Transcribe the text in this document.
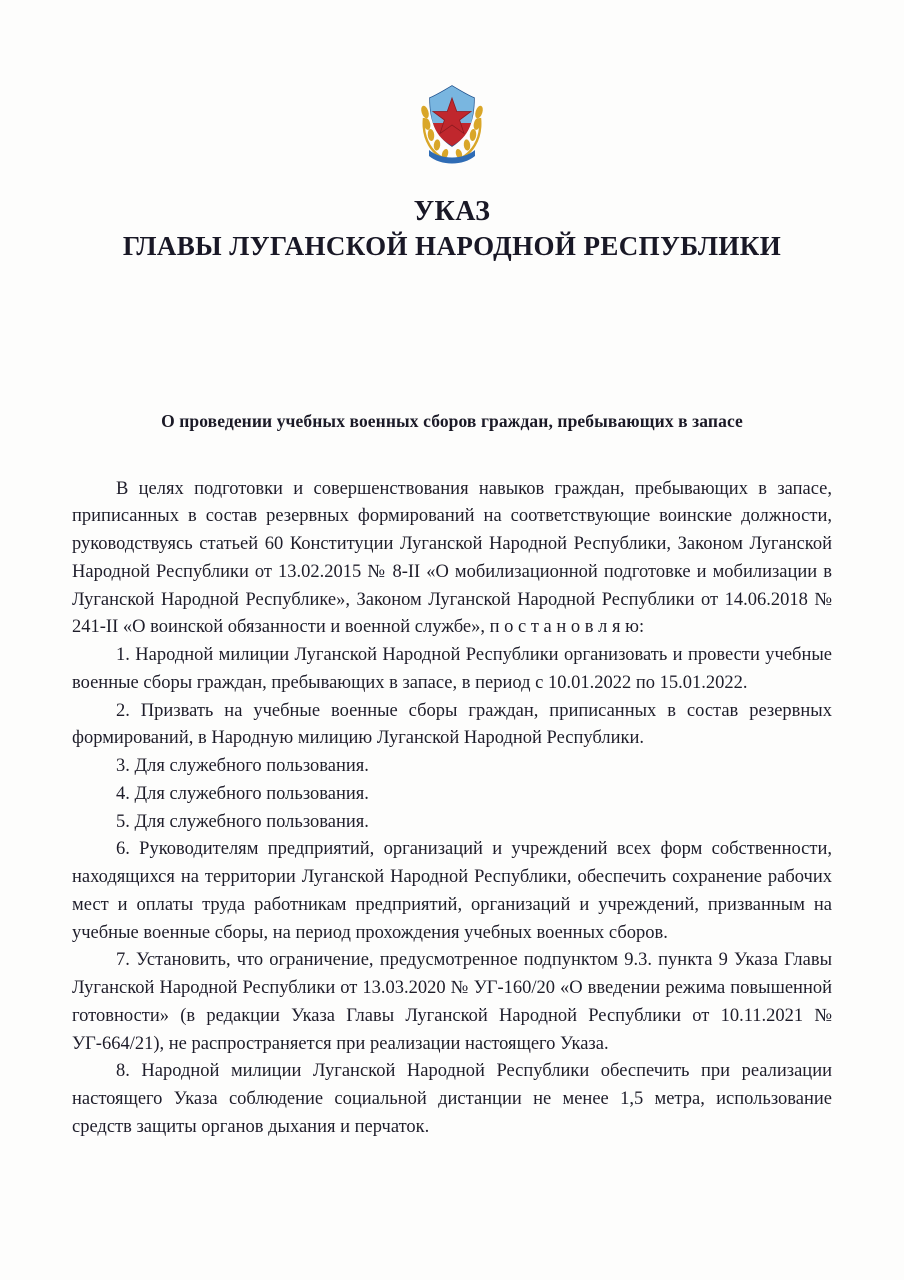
УКАЗ
ГЛАВЫ ЛУГАНСКОЙ НАРОДНОЙ РЕСПУБЛИКИ
О проведении учебных военных сборов граждан, пребывающих в запасе

В целях подготовки и совершенствования навыков граждан, пребывающих в запасе, приписанных в состав резервных формирований на соответствующие воинские должности, руководствуясь статьей 60 Конституции Луганской Народной Республики, Законом Луганской Народной Республики от 13.02.2015 № 8-II «О мобилизационной подготовке и мобилизации в Луганской Народной Республике», Законом Луганской Народной Республики от 14.06.2018 № 241-II «О воинской обязанности и военной службе», п о с т а н о в л я ю:

1. Народной милиции Луганской Народной Республики организовать и провести учебные военные сборы граждан, пребывающих в запасе, в период с 10.01.2022 по 15.01.2022.

2. Призвать на учебные военные сборы граждан, приписанных в состав резервных формирований, в Народную милицию Луганской Народной Республики.

3. Для служебного пользования.

4. Для служебного пользования.

5. Для служебного пользования.

6. Руководителям предприятий, организаций и учреждений всех форм собственности, находящихся на территории Луганской Народной Республики, обеспечить сохранение рабочих мест и оплаты труда работникам предприятий, организаций и учреждений, призванным на учебные военные сборы, на период прохождения учебных военных сборов.

7. Установить, что ограничение, предусмотренное подпунктом 9.3. пункта 9 Указа Главы Луганской Народной Республики от 13.03.2020 № УГ-160/20 «О введении режима повышенной готовности» (в редакции Указа Главы Луганской Народной Республики от 10.11.2021 № УГ-664/21), не распространяется при реализации настоящего Указа.

8. Народной милиции Луганской Народной Республики обеспечить при реализации настоящего Указа соблюдение социальной дистанции не менее 1,5 метра, использование средств защиты органов дыхания и перчаток.
